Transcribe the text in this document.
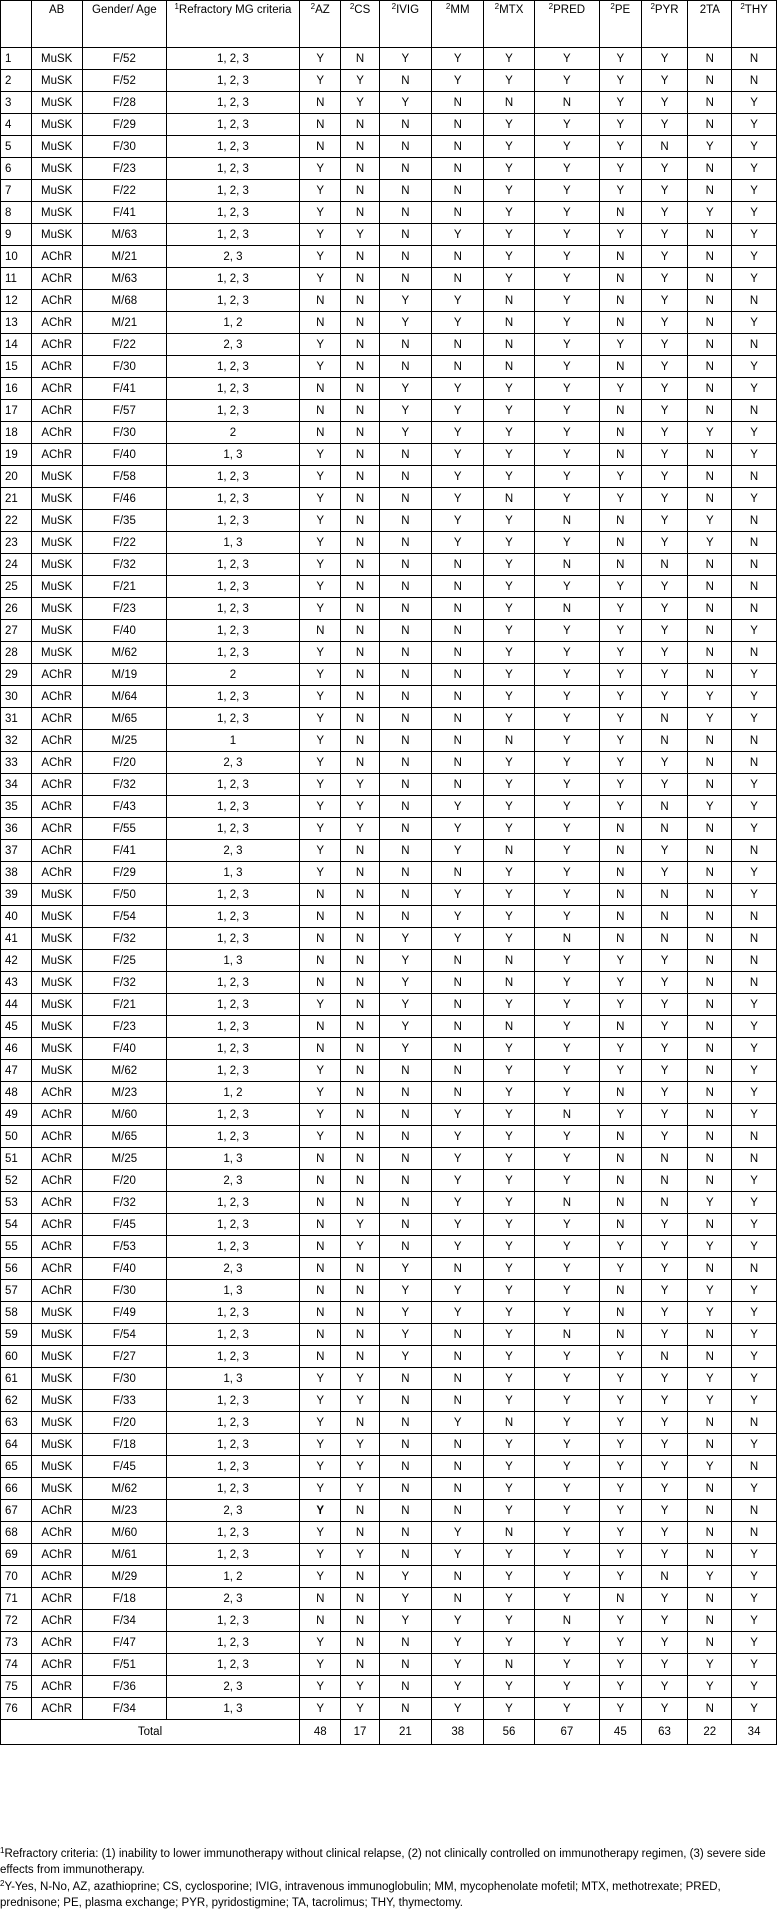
	AB	Gender/ Age	$^1$Refractory MG criteria	$^2$AZ	$^2$CS	$^2$IVIG	$^2$MM	$^2$MTX	$^2$PRED	$^2$PE	$^2$PYR	2TA	$^2$THY
1	MuSK	F/52	1, 2, 3	Y	N	Y	Y	Y	Y	Y	Y	N	N
2	MuSK	F/52	1, 2, 3	Y	Y	N	Y	Y	Y	Y	Y	N	N
3	MuSK	F/28	1, 2, 3	N	Y	Y	N	N	N	Y	Y	N	Y
4	MuSK	F/29	1, 2, 3	N	N	N	N	Y	Y	Y	Y	N	Y
5	MuSK	F/30	1, 2, 3	N	N	N	N	Y	Y	Y	N	Y	Y
6	MuSK	F/23	1, 2, 3	Y	N	N	N	Y	Y	Y	Y	N	Y
7	MuSK	F/22	1, 2, 3	Y	N	N	N	Y	Y	Y	Y	N	Y
8	MuSK	F/41	1, 2, 3	Y	N	N	N	Y	Y	N	Y	Y	Y
9	MuSK	M/63	1, 2, 3	Y	Y	N	Y	Y	Y	Y	Y	N	Y
10	AChR	M/21	2, 3	Y	N	N	N	Y	Y	N	Y	N	Y
11	AChR	M/63	1, 2, 3	Y	N	N	N	Y	Y	N	Y	N	Y
12	AChR	M/68	1, 2, 3	N	N	Y	Y	N	Y	N	Y	N	N
13	AChR	M/21	1, 2	N	N	Y	Y	N	Y	N	Y	N	Y
14	AChR	F/22	2, 3	Y	N	N	N	N	Y	Y	Y	N	N
15	AChR	F/30	1, 2, 3	Y	N	N	N	N	Y	N	Y	N	Y
16	AChR	F/41	1, 2, 3	N	N	Y	Y	Y	Y	Y	Y	N	Y
17	AChR	F/57	1, 2, 3	N	N	Y	Y	Y	Y	N	Y	N	N
18	AChR	F/30	2	N	N	Y	Y	Y	Y	N	Y	Y	Y
19	AChR	F/40	1, 3	Y	N	N	Y	Y	Y	N	Y	N	Y
20	MuSK	F/58	1, 2, 3	Y	N	N	Y	Y	Y	Y	Y	N	N
21	MuSK	F/46	1, 2, 3	Y	N	N	Y	N	Y	Y	Y	N	Y
22	MuSK	F/35	1, 2, 3	Y	N	N	Y	Y	N	N	Y	Y	N
23	MuSK	F/22	1, 3	Y	N	N	Y	Y	Y	N	Y	Y	N
24	MuSK	F/32	1, 2, 3	Y	N	N	N	Y	N	N	N	N	N
25	MuSK	F/21	1, 2, 3	Y	N	N	N	Y	Y	Y	Y	N	N
26	MuSK	F/23	1, 2, 3	Y	N	N	N	Y	N	Y	Y	N	N
27	MuSK	F/40	1, 2, 3	N	N	N	N	Y	Y	Y	Y	N	Y
28	MuSK	M/62	1, 2, 3	Y	N	N	N	Y	Y	Y	Y	N	N
29	AChR	M/19	2	Y	N	N	N	Y	Y	Y	Y	N	Y
30	AChR	M/64	1, 2, 3	Y	N	N	N	Y	Y	Y	Y	Y	Y
31	AChR	M/65	1, 2, 3	Y	N	N	N	Y	Y	Y	N	Y	Y
32	AChR	M/25	1	Y	N	N	N	N	Y	Y	N	N	N
33	AChR	F/20	2, 3	Y	N	N	N	Y	Y	Y	Y	N	N
34	AChR	F/32	1, 2, 3	Y	Y	N	N	Y	Y	Y	Y	N	Y
35	AChR	F/43	1, 2, 3	Y	Y	N	Y	Y	Y	Y	N	Y	Y
36	AChR	F/55	1, 2, 3	Y	Y	N	Y	Y	Y	N	N	N	Y
37	AChR	F/41	2, 3	Y	N	N	Y	N	Y	N	Y	N	N
38	AChR	F/29	1, 3	Y	N	N	N	Y	Y	N	Y	N	Y
39	MuSK	F/50	1, 2, 3	N	N	N	Y	Y	Y	N	N	N	Y
40	MuSK	F/54	1, 2, 3	N	N	N	Y	Y	Y	N	N	N	N
41	MuSK	F/32	1, 2, 3	N	N	Y	Y	Y	N	N	N	N	N
42	MuSK	F/25	1, 3	N	N	Y	N	N	Y	Y	Y	N	N
43	MuSK	F/32	1, 2, 3	N	N	Y	N	N	Y	Y	Y	N	N
44	MuSK	F/21	1, 2, 3	Y	N	Y	N	Y	Y	Y	Y	N	Y
45	MuSK	F/23	1, 2, 3	N	N	Y	N	N	Y	N	Y	N	Y
46	MuSK	F/40	1, 2, 3	N	N	Y	N	Y	Y	Y	Y	N	Y
47	MuSK	M/62	1, 2, 3	Y	N	N	N	Y	Y	Y	Y	N	Y
48	AChR	M/23	1, 2	Y	N	N	N	Y	Y	N	Y	N	Y
49	AChR	M/60	1, 2, 3	Y	N	N	Y	Y	N	Y	Y	N	Y
50	AChR	M/65	1, 2, 3	Y	N	N	Y	Y	Y	N	Y	N	N
51	AChR	M/25	1, 3	N	N	N	Y	Y	Y	N	N	N	N
52	AChR	F/20	2, 3	N	N	N	Y	Y	Y	N	N	N	Y
53	AChR	F/32	1, 2, 3	N	N	N	Y	Y	N	N	N	Y	Y
54	AChR	F/45	1, 2, 3	N	Y	N	Y	Y	Y	N	Y	N	Y
55	AChR	F/53	1, 2, 3	N	Y	N	Y	Y	Y	Y	Y	Y	Y
56	AChR	F/40	2, 3	N	N	Y	N	Y	Y	Y	Y	N	N
57	AChR	F/30	1, 3	N	N	Y	Y	Y	Y	N	Y	Y	Y
58	MuSK	F/49	1, 2, 3	N	N	Y	Y	Y	Y	N	Y	Y	Y
59	MuSK	F/54	1, 2, 3	N	N	Y	N	Y	N	N	Y	N	Y
60	MuSK	F/27	1, 2, 3	N	N	Y	N	Y	Y	Y	N	N	Y
61	MuSK	F/30	1, 3	Y	Y	N	N	Y	Y	Y	Y	Y	Y
62	MuSK	F/33	1, 2, 3	Y	Y	N	N	Y	Y	Y	Y	Y	Y
63	MuSK	F/20	1, 2, 3	Y	N	N	Y	N	Y	Y	Y	N	N
64	MuSK	F/18	1, 2, 3	Y	Y	N	N	Y	Y	Y	Y	N	Y
65	MuSK	F/45	1, 2, 3	Y	Y	N	N	Y	Y	Y	Y	Y	N
66	MuSK	M/62	1, 2, 3	Y	Y	N	N	Y	Y	Y	Y	N	Y
67	AChR	M/23	2, 3	Y	N	N	N	Y	Y	Y	Y	N	N
68	AChR	M/60	1, 2, 3	Y	N	N	Y	N	Y	Y	Y	N	N
69	AChR	M/61	1, 2, 3	Y	Y	N	Y	Y	Y	Y	Y	N	Y
70	AChR	M/29	1, 2	Y	N	Y	N	Y	Y	Y	N	Y	Y
71	AChR	F/18	2, 3	N	N	Y	N	Y	Y	N	Y	N	Y
72	AChR	F/34	1, 2, 3	N	N	Y	Y	Y	N	Y	Y	N	Y
73	AChR	F/47	1, 2, 3	Y	N	N	Y	Y	Y	Y	Y	N	Y
74	AChR	F/51	1, 2, 3	Y	N	N	Y	N	Y	Y	Y	Y	Y
75	AChR	F/36	2, 3	Y	Y	N	Y	Y	Y	Y	Y	Y	Y
76	AChR	F/34	1, 3	Y	Y	N	Y	Y	Y	Y	Y	N	Y
Total				48	17	21	38	56	67	45	63	22	34
$^1$Refractory criteria: (1) inability to lower immunotherapy without clinical relapse, (2) not clinically controlled on immunotherapy regimen, (3) severe side effects from immunotherapy.
$^2$Y-Yes, N-No, AZ, azathioprine; CS, cyclosporine; IVIG, intravenous immunoglobulin; MM, mycophenolate mofetil; MTX, methotrexate; PRED, prednisone; PE, plasma exchange; PYR, pyridostigmine; TA, tacrolimus; THY, thymectomy.
